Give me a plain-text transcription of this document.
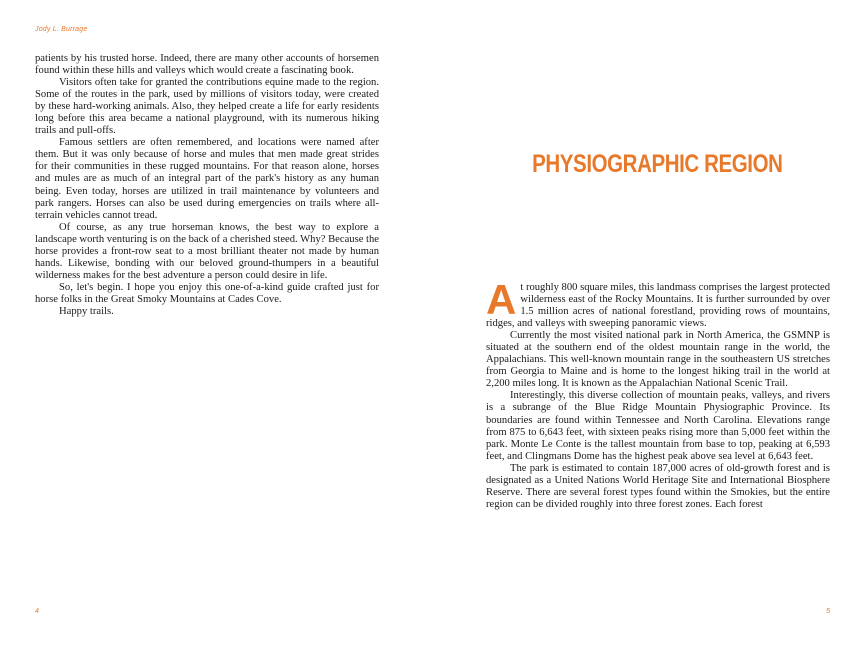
Jody L. Burrage

patients by his trusted horse. Indeed, there are many other accounts of horsemen found within these hills and valleys which would create a fascinating book.

Visitors often take for granted the contributions equine made to the region. Some of the routes in the park, used by millions of visitors today, were created by these hard-working animals. Also, they helped create a life for early residents long before this area became a national playground, with its numerous hiking trails and pull-offs.

Famous settlers are often remembered, and locations were named after them. But it was only because of horse and mules that men made great strides for their communities in these rugged mountains. For that reason alone, horses and mules are as much of an integral part of the park's history as any human being. Even today, horses are utilized in trail maintenance by volunteers and park rangers. Horses can also be used during emergencies on trails where all-terrain vehicles cannot tread.

Of course, as any true horseman knows, the best way to explore a landscape worth venturing is on the back of a cherished steed. Why? Because the horse provides a front-row seat to a most brilliant theater not made by human hands. Likewise, bonding with our beloved ground-thumpers in a beautiful wilderness makes for the best adventure a person could desire in life.

So, let's begin. I hope you enjoy this one-of-a-kind guide crafted just for horse folks in the Great Smoky Mountains at Cades Cove.

Happy trails.

4
PHYSIOGRAPHIC REGION

At roughly 800 square miles, this landmass comprises the largest protected wilderness east of the Rocky Mountains. It is further surrounded by over 1.5 million acres of national forestland, providing rows of mountains, ridges, and valleys with sweeping panoramic views.

Currently the most visited national park in North America, the GSMNP is situated at the southern end of the oldest mountain range in the world, the Appalachians. This well-known mountain range in the southeastern US stretches from Georgia to Maine and is home to the longest hiking trail in the world at 2,200 miles long. It is known as the Appalachian National Scenic Trail.

Interestingly, this diverse collection of mountain peaks, valleys, and rivers is a subrange of the Blue Ridge Mountain Physiographic Province. Its boundaries are found within Tennessee and North Carolina. Elevations range from 875 to 6,643 feet, with sixteen peaks rising more than 5,000 feet within the park. Monte Le Conte is the tallest mountain from base to top, peaking at 6,593 feet, and Clingmans Dome has the highest peak above sea level at 6,643 feet.

The park is estimated to contain 187,000 acres of old-growth forest and is designated as a United Nations World Heritage Site and International Biosphere Reserve. There are several forest types found within the Smokies, but the entire region can be divided roughly into three forest zones. Each forest

5
